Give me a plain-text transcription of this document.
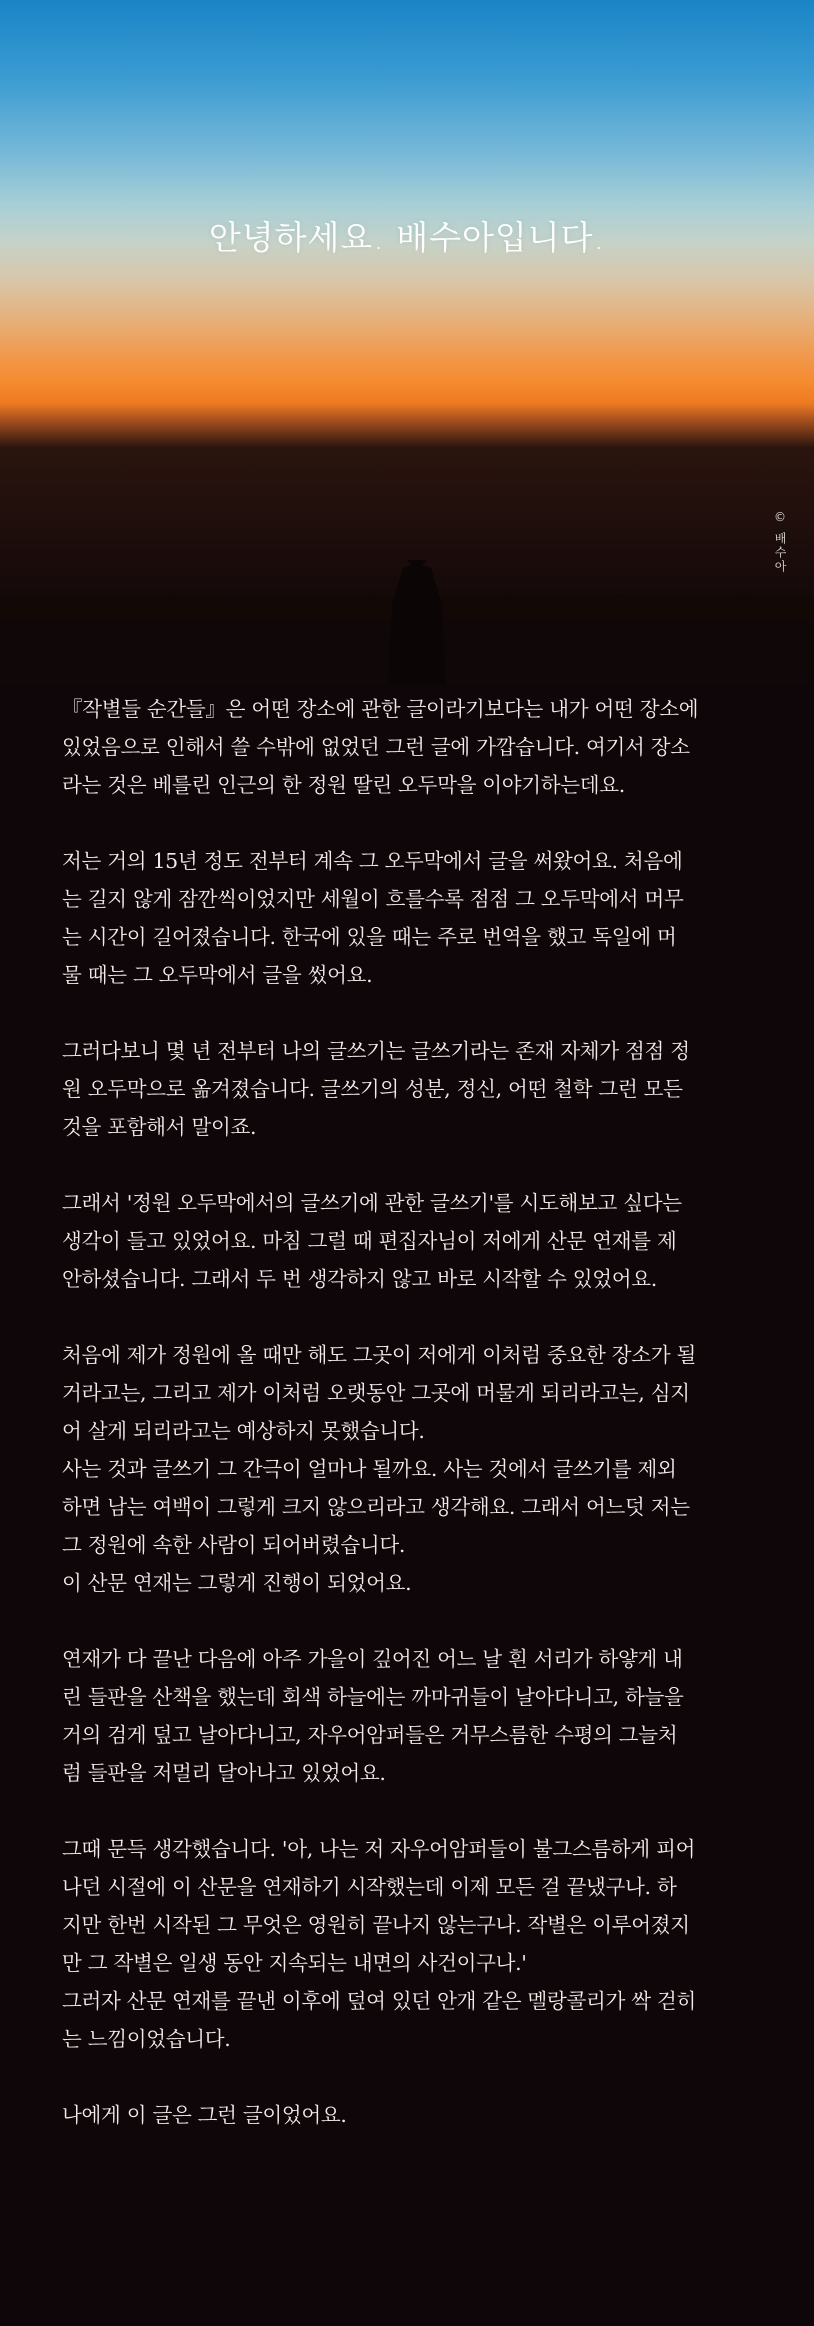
안녕하세요. 배수아입니다.
© 배수아

『작별들 순간들』은 어떤 장소에 관한 글이라기보다는 내가 어떤 장소에
있었음으로 인해서 쓸 수밖에 없었던 그런 글에 가깝습니다. 여기서 장소
라는 것은 베를린 인근의 한 정원 딸린 오두막을 이야기하는데요.

저는 거의 15년 정도 전부터 계속 그 오두막에서 글을 써왔어요. 처음에
는 길지 않게 잠깐씩이었지만 세월이 흐를수록 점점 그 오두막에서 머무
는 시간이 길어졌습니다. 한국에 있을 때는 주로 번역을 했고 독일에 머
물 때는 그 오두막에서 글을 썼어요.

그러다보니 몇 년 전부터 나의 글쓰기는 글쓰기라는 존재 자체가 점점 정
원 오두막으로 옮겨졌습니다. 글쓰기의 성분, 정신, 어떤 철학 그런 모든
것을 포함해서 말이죠.

그래서 '정원 오두막에서의 글쓰기에 관한 글쓰기'를 시도해보고 싶다는
생각이 들고 있었어요. 마침 그럴 때 편집자님이 저에게 산문 연재를 제
안하셨습니다. 그래서 두 번 생각하지 않고 바로 시작할 수 있었어요.

처음에 제가 정원에 올 때만 해도 그곳이 저에게 이처럼 중요한 장소가 될
거라고는, 그리고 제가 이처럼 오랫동안 그곳에 머물게 되리라고는, 심지
어 살게 되리라고는 예상하지 못했습니다.
사는 것과 글쓰기 그 간극이 얼마나 될까요. 사는 것에서 글쓰기를 제외
하면 남는 여백이 그렇게 크지 않으리라고 생각해요. 그래서 어느덧 저는
그 정원에 속한 사람이 되어버렸습니다.
이 산문 연재는 그렇게 진행이 되었어요.

연재가 다 끝난 다음에 아주 가을이 깊어진 어느 날 흰 서리가 하얗게 내
린 들판을 산책을 했는데 회색 하늘에는 까마귀들이 날아다니고, 하늘을
거의 검게 덮고 날아다니고, 자우어암퍼들은 거무스름한 수평의 그늘처
럼 들판을 저멀리 달아나고 있었어요.

그때 문득 생각했습니다. '아, 나는 저 자우어암퍼들이 불그스름하게 피어
나던 시절에 이 산문을 연재하기 시작했는데 이제 모든 걸 끝냈구나. 하
지만 한번 시작된 그 무엇은 영원히 끝나지 않는구나. 작별은 이루어졌지
만 그 작별은 일생 동안 지속되는 내면의 사건이구나.'
그러자 산문 연재를 끝낸 이후에 덮여 있던 안개 같은 멜랑콜리가 싹 걷히
는 느낌이었습니다.

나에게 이 글은 그런 글이었어요.
